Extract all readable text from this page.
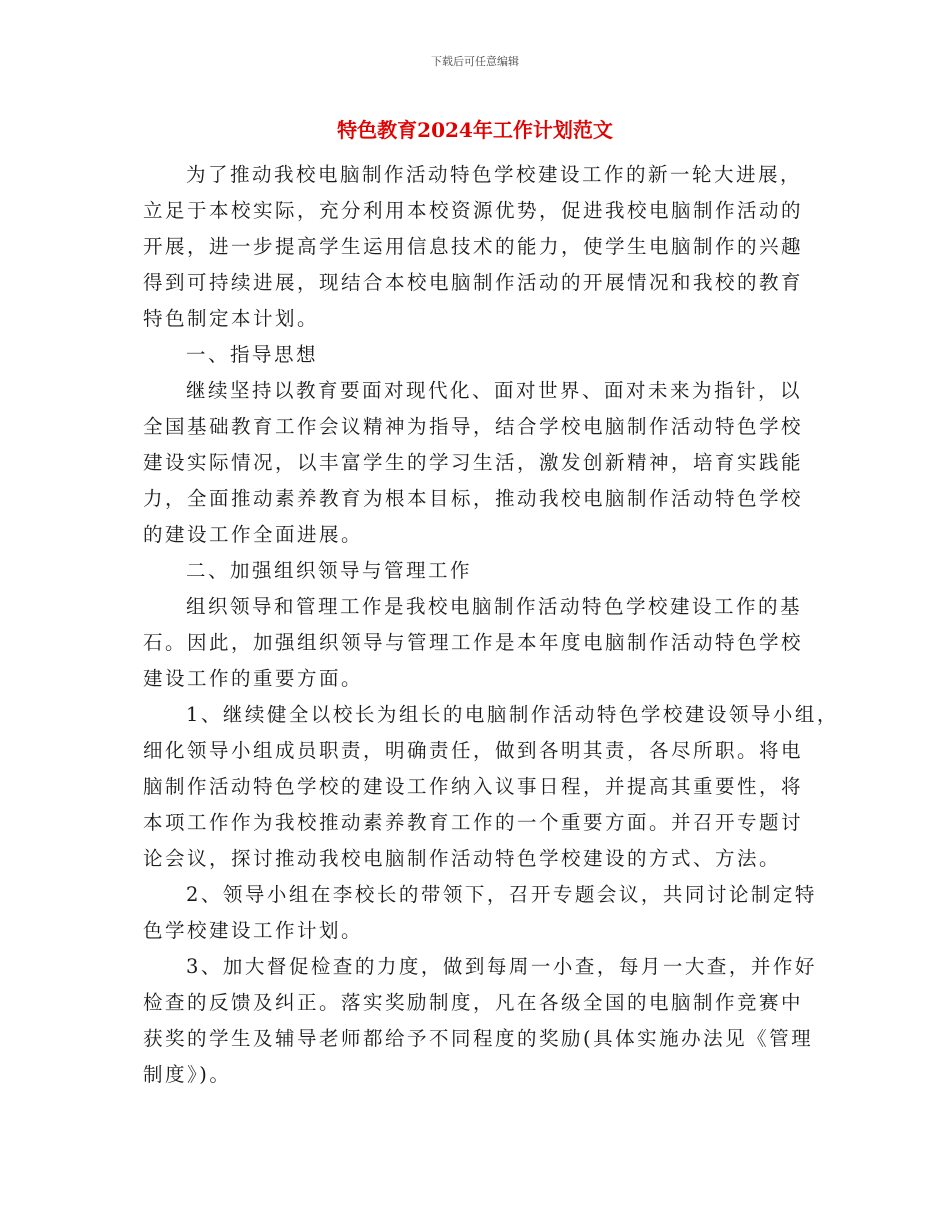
下载后可任意编辑
特色教育2024年工作计划范文
为了推动我校电脑制作活动特色学校建设工作的新一轮大进展，
立足于本校实际，充分利用本校资源优势，促进我校电脑制作活动的
开展，进一步提高学生运用信息技术的能力，使学生电脑制作的兴趣
得到可持续进展，现结合本校电脑制作活动的开展情况和我校的教育
特色制定本计划。
一、指导思想
继续坚持以教育要面对现代化、面对世界、面对未来为指针，以
全国基础教育工作会议精神为指导，结合学校电脑制作活动特色学校
建设实际情况，以丰富学生的学习生活，激发创新精神，培育实践能
力，全面推动素养教育为根本目标，推动我校电脑制作活动特色学校
的建设工作全面进展。
二、加强组织领导与管理工作
组织领导和管理工作是我校电脑制作活动特色学校建设工作的基
石。因此，加强组织领导与管理工作是本年度电脑制作活动特色学校
建设工作的重要方面。
1、继续健全以校长为组长的电脑制作活动特色学校建设领导小组，
细化领导小组成员职责，明确责任，做到各明其责，各尽所职。将电
脑制作活动特色学校的建设工作纳入议事日程，并提高其重要性，将
本项工作作为我校推动素养教育工作的一个重要方面。并召开专题讨
论会议，探讨推动我校电脑制作活动特色学校建设的方式、方法。
2、领导小组在李校长的带领下，召开专题会议，共同讨论制定特
色学校建设工作计划。
3、加大督促检查的力度，做到每周一小查，每月一大查，并作好
检查的反馈及纠正。落实奖励制度，凡在各级全国的电脑制作竞赛中
获奖的学生及辅导老师都给予不同程度的奖励(具体实施办法见《管理
制度》)。
